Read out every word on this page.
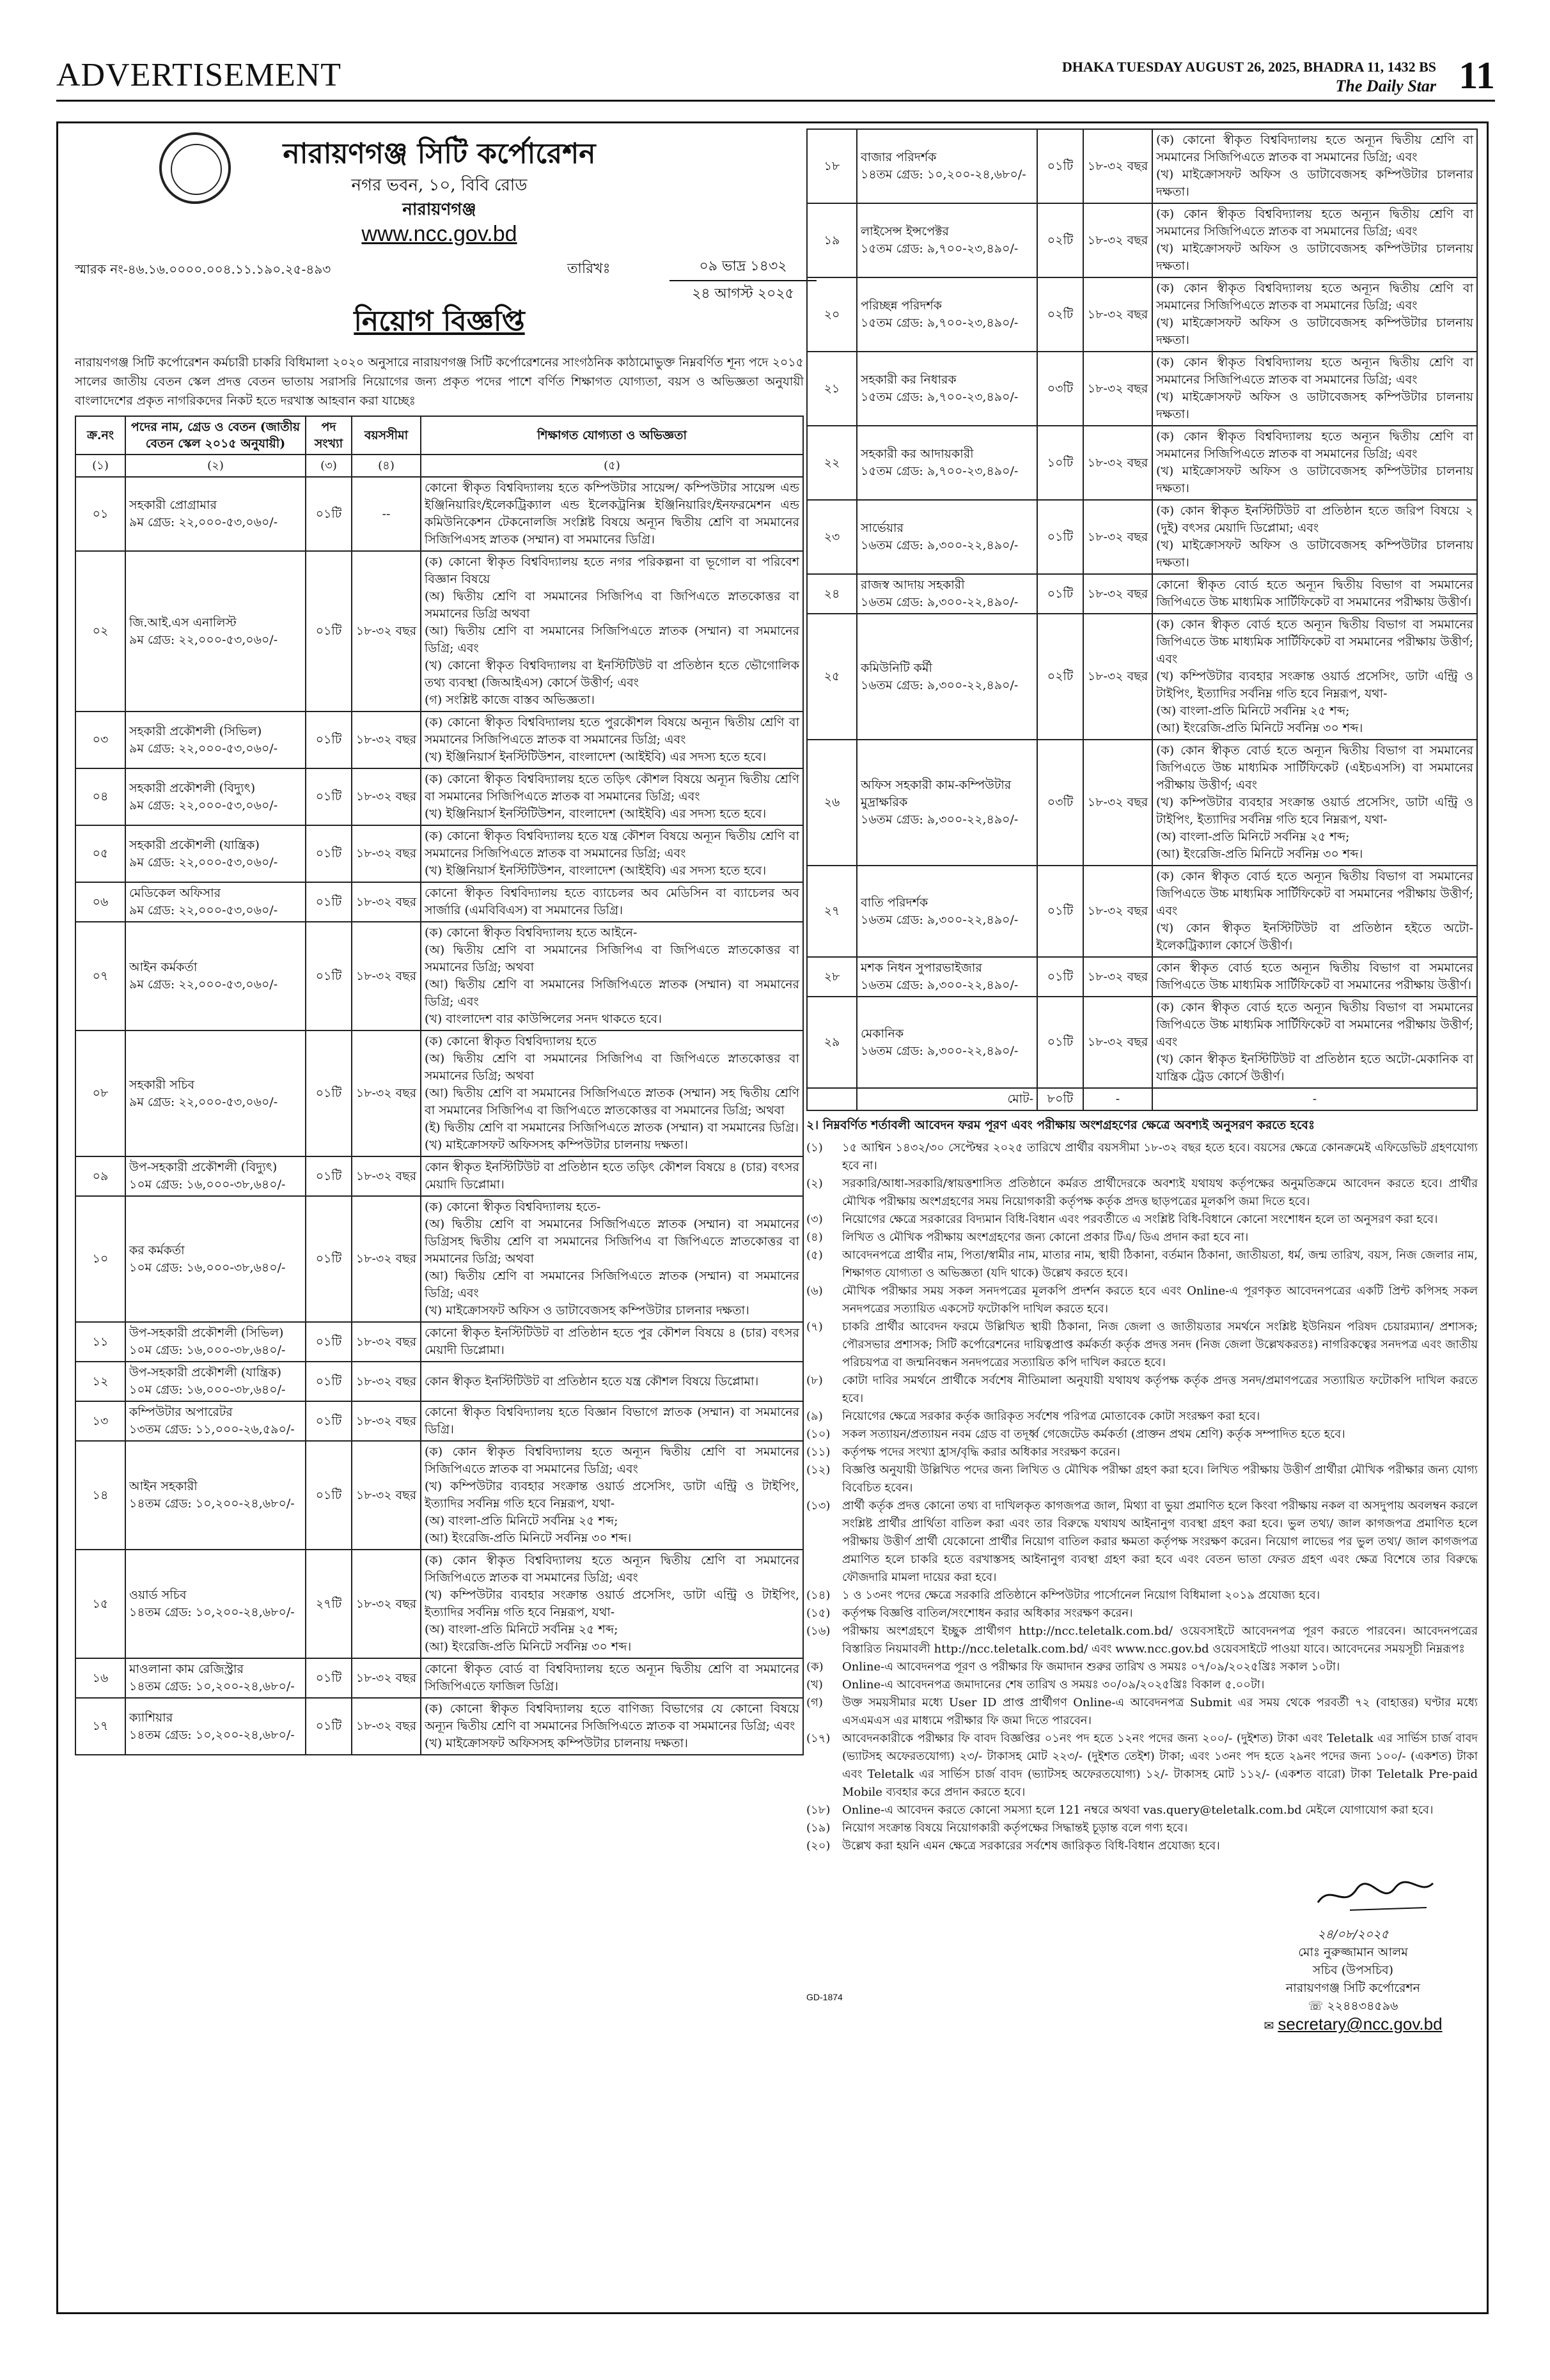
ADVERTISEMENT	DHAKA TUESDAY AUGUST 26, 2025, BHADRA 11, 1432 BS
The Daily Star 11
নারায়ণগঞ্জ সিটি কর্পোরেশন
নগর ভবন, ১০, বিবি রোড
নারায়ণগঞ্জ
www.ncc.gov.bd
স্মারক নং-৪৬.১৬.০০০০.০০৪.১১.১৯০.২৫-৪৯৩	তারিখঃ	০৯ ভাদ্র ১৪৩২
২৪ আগস্ট ২০২৫
নিয়োগ বিজ্ঞপ্তি
নারায়ণগঞ্জ সিটি কর্পোরেশন কর্মচারী চাকরি বিধিমালা ২০২০ অনুসারে নারায়ণগঞ্জ সিটি কর্পোরেশনের সাংগঠনিক কাঠামোভুক্ত নিম্নবর্ণিত শূন্য পদে ২০১৫ সালের জাতীয় বেতন স্কেল প্রদত্ত বেতন ভাতায় সরাসরি নিয়োগের জন্য প্রকৃত পদের পাশে বর্ণিত শিক্ষাগত যোগ্যতা, বয়স ও অভিজ্ঞতা অনুযায়ী বাংলাদেশের প্রকৃত নাগরিকদের নিকট হতে দরখাস্ত আহবান করা যাচ্ছেঃ
ক্র.নং	পদের নাম, গ্রেড ও বেতন (জাতীয় বেতন স্কেল ২০১৫ অনুযায়ী)	পদ সংখ্যা	বয়সসীমা	শিক্ষাগত যোগ্যতা ও অভিজ্ঞতা
(১)	(২)	(৩)	(৪)	(৫)
০১	সহকারী প্রোগ্রামার
৯ম গ্রেড: ২২,০০০-৫৩,০৬০/-	০১টি	--	কোনো স্বীকৃত বিশ্ববিদ্যালয় হতে কম্পিউটার সায়েন্স/ কম্পিউটার সায়েন্স এন্ড ইঞ্জিনিয়ারিং/ইলেকট্রিক্যাল এন্ড ইলেকট্রনিক্স ইঞ্জিনিয়ারিং/ইনফরমেশন এন্ড কমিউনিকেশন টেকনোলজি সংশ্লিষ্ট বিষয়ে অন্যূন দ্বিতীয় শ্রেণি বা সমমানের সিজিপিএসহ স্নাতক (সম্মান) বা সমমানের ডিগ্রি।

০২	জি.আই.এস এনালিস্ট
৯ম গ্রেড: ২২,০০০-৫৩,০৬০/-	০১টি	১৮-৩২ বছর	(ক) কোনো স্বীকৃত বিশ্ববিদ্যালয় হতে নগর পরিকল্পনা বা ভূগোল বা পরিবেশ বিজ্ঞান বিষয়ে
(অ) দ্বিতীয় শ্রেণি বা সমমানের সিজিপিএ বা জিপিএতে স্নাতকোত্তর বা সমমানের ডিগ্রি অথবা
(আ) দ্বিতীয় শ্রেণি বা সমমানের সিজিপিএতে স্নাতক (সম্মান) বা সমমানের ডিগ্রি; এবং
(খ) কোনো স্বীকৃত বিশ্ববিদ্যালয় বা ইনস্টিটিউট বা প্রতিষ্ঠান হতে ভৌগোলিক তথ্য ব্যবস্থা (জিআইএস) কোর্সে উত্তীর্ণ; এবং
(গ) সংশ্লিষ্ট কাজে বাস্তব অভিজ্ঞতা।

০৩	সহকারী প্রকৌশলী (সিভিল)
৯ম গ্রেড: ২২,০০০-৫৩,০৬০/-	০১টি	১৮-৩২ বছর	(ক) কোনো স্বীকৃত বিশ্ববিদ্যালয় হতে পুরকৌশল বিষয়ে অন্যূন দ্বিতীয় শ্রেণি বা সমমানের সিজিপিএতে স্নাতক বা সমমানের ডিগ্রি; এবং
(খ) ইঞ্জিনিয়ার্স ইনস্টিটিউশন, বাংলাদেশ (আইইবি) এর সদস্য হতে হবে।

০৪	সহকারী প্রকৌশলী (বিদ্যুৎ)
৯ম গ্রেড: ২২,০০০-৫৩,০৬০/-	০১টি	১৮-৩২ বছর	(ক) কোনো স্বীকৃত বিশ্ববিদ্যালয় হতে তড়িৎ কৌশল বিষয়ে অন্যূন দ্বিতীয় শ্রেণি বা সমমানের সিজিপিএতে স্নাতক বা সমমানের ডিগ্রি; এবং
(খ) ইঞ্জিনিয়ার্স ইনস্টিটিউশন, বাংলাদেশ (আইইবি) এর সদস্য হতে হবে।

০৫	সহকারী প্রকৌশলী (যান্ত্রিক)
৯ম গ্রেড: ২২,০০০-৫৩,০৬০/-	০১টি	১৮-৩২ বছর	(ক) কোনো স্বীকৃত বিশ্ববিদ্যালয় হতে যন্ত্র কৌশল বিষয়ে অন্যূন দ্বিতীয় শ্রেণি বা সমমানের সিজিপিএতে স্নাতক বা সমমানের ডিগ্রি; এবং
(খ) ইঞ্জিনিয়ার্স ইনস্টিটিউশন, বাংলাদেশ (আইইবি) এর সদস্য হতে হবে।

০৬	মেডিকেল অফিসার
৯ম গ্রেড: ২২,০০০-৫৩,০৬০/-	০১টি	১৮-৩২ বছর	কোনো স্বীকৃত বিশ্ববিদ্যালয় হতে ব্যাচেলর অব মেডিসিন বা ব্যাচেলর অব সার্জারি (এমবিবিএস) বা সমমানের ডিগ্রি।

০৭	আইন কর্মকর্তা
৯ম গ্রেড: ২২,০০০-৫৩,০৬০/-	০১টি	১৮-৩২ বছর	(ক) কোনো স্বীকৃত বিশ্ববিদ্যালয় হতে আইনে-
(অ) দ্বিতীয় শ্রেণি বা সমমানের সিজিপিএ বা জিপিএতে স্নাতকোত্তর বা সমমানের ডিগ্রি; অথবা
(আ) দ্বিতীয় শ্রেণি বা সমমানের সিজিপিএতে স্নাতক (সম্মান) বা সমমানের ডিগ্রি; এবং
(খ) বাংলাদেশ বার কাউন্সিলের সনদ থাকতে হবে।

০৮	সহকারী সচিব
৯ম গ্রেড: ২২,০০০-৫৩,০৬০/-	০১টি	১৮-৩২ বছর	(ক) কোনো স্বীকৃত বিশ্ববিদ্যালয় হতে
(অ) দ্বিতীয় শ্রেণি বা সমমানের সিজিপিএ বা জিপিএতে স্নাতকোত্তর বা সমমানের ডিগ্রি; অথবা
(আ) দ্বিতীয় শ্রেণি বা সমমানের সিজিপিএতে স্নাতক (সম্মান) সহ দ্বিতীয় শ্রেণি বা সমমানের সিজিপিএ বা জিপিএতে স্নাতকোত্তর বা সমমানের ডিগ্রি; অথবা
(ই) দ্বিতীয় শ্রেণি বা সমমানের সিজিপিএতে স্নাতক (সম্মান) বা সমমানের ডিগ্রি।
(খ) মাইক্রোসফট অফিসসহ কম্পিউটার চালনায় দক্ষতা।

০৯	উপ-সহকারী প্রকৌশলী (বিদ্যুৎ)
১০ম গ্রেড: ১৬,০০০-৩৮,৬৪০/-	০১টি	১৮-৩২ বছর	কোন স্বীকৃত ইনস্টিটিউট বা প্রতিষ্ঠান হতে তড়িৎ কৌশল বিষয়ে ৪ (চার) বৎসর মেয়াদি ডিপ্লোমা।

১০	কর কর্মকর্তা
১০ম গ্রেড: ১৬,০০০-৩৮,৬৪০/-	০১টি	১৮-৩২ বছর	(ক) কোনো স্বীকৃত বিশ্ববিদ্যালয় হতে-
(অ) দ্বিতীয় শ্রেণি বা সমমানের সিজিপিএতে স্নাতক (সম্মান) বা সমমানের ডিগ্রিসহ দ্বিতীয় শ্রেণি বা সমমানের সিজিপিএ বা জিপিএতে স্নাতকোত্তর বা সমমানের ডিগ্রি; অথবা
(আ) দ্বিতীয় শ্রেণি বা সমমানের সিজিপিএতে স্নাতক (সম্মান) বা সমমানের ডিগ্রি; এবং
(খ) মাইক্রোসফট অফিস ও ডাটাবেজসহ কম্পিউটার চালনার দক্ষতা।

১১	উপ-সহকারী প্রকৌশলী (সিভিল)
১০ম গ্রেড: ১৬,০০০-৩৮,৬৪০/-	০১টি	১৮-৩২ বছর	কোনো স্বীকৃত ইনস্টিটিউট বা প্রতিষ্ঠান হতে পুর কৌশল বিষয়ে ৪ (চার) বৎসর মেয়াদী ডিপ্লোমা।

১২	উপ-সহকারী প্রকৌশলী (যান্ত্রিক)
১০ম গ্রেড: ১৬,০০০-৩৮,৬৪০/-	০১টি	১৮-৩২ বছর	কোন স্বীকৃত ইনস্টিটিউট বা প্রতিষ্ঠান হতে যন্ত্র কৌশল বিষয়ে ডিপ্লোমা।

১৩	কম্পিউটার অপারেটর
১৩তম গ্রেড: ১১,০০০-২৬,৫৯০/-	০১টি	১৮-৩২ বছর	কোনো স্বীকৃত বিশ্ববিদ্যালয় হতে বিজ্ঞান বিভাগে স্নাতক (সম্মান) বা সমমানের ডিগ্রি।

১৪	আইন সহকারী
১৪তম গ্রেড: ১০,২০০-২৪,৬৮০/-	০১টি	১৮-৩২ বছর	(ক) কোন স্বীকৃত বিশ্ববিদ্যালয় হতে অন্যূন দ্বিতীয় শ্রেণি বা সমমানের সিজিপিএতে স্নাতক বা সমমানের ডিগ্রি; এবং
(খ) কম্পিউটার ব্যবহার সংক্রান্ত ওয়ার্ড প্রসেসিং, ডাটা এন্ট্রি ও টাইপিং, ইত্যাদির সর্বনিম্ন গতি হবে নিম্নরূপ, যথা-
(অ) বাংলা-প্রতি মিনিটে সর্বনিম্ন ২৫ শব্দ;
(আ) ইংরেজি-প্রতি মিনিটে সর্বনিম্ন ৩০ শব্দ।

১৫	ওয়ার্ড সচিব
১৪তম গ্রেড: ১০,২০০-২৪,৬৮০/-	২৭টি	১৮-৩২ বছর	(ক) কোন স্বীকৃত বিশ্ববিদ্যালয় হতে অন্যূন দ্বিতীয় শ্রেণি বা সমমানের সিজিপিএতে স্নাতক বা সমমানের ডিগ্রি; এবং
(খ) কম্পিউটার ব্যবহার সংক্রান্ত ওয়ার্ড প্রসেসিং, ডাটা এন্ট্রি ও টাইপিং, ইত্যাদির সর্বনিম্ন গতি হবে নিম্নরূপ, যথা-
(অ) বাংলা-প্রতি মিনিটে সর্বনিম্ন ২৫ শব্দ;
(আ) ইংরেজি-প্রতি মিনিটে সর্বনিম্ন ৩০ শব্দ।

১৬	মাওলানা কাম রেজিস্ট্রার
১৪তম গ্রেড: ১০,২০০-২৪,৬৮০/-	০১টি	১৮-৩২ বছর	কোনো স্বীকৃত বোর্ড বা বিশ্ববিদ্যালয় হতে অন্যূন দ্বিতীয় শ্রেণি বা সমমানের সিজিপিএতে ফাজিল ডিগ্রি।

১৭	ক্যাশিয়ার
১৪তম গ্রেড: ১০,২০০-২৪,৬৮০/-	০১টি	১৮-৩২ বছর	(ক) কোনো স্বীকৃত বিশ্ববিদ্যালয় হতে বাণিজ্য বিভাগের যে কোনো বিষয়ে অন্যূন দ্বিতীয় শ্রেণি বা সমমানের সিজিপিএতে স্নাতক বা সমমানের ডিগ্রি; এবং
(খ) মাইক্রোসফট অফিসসহ কম্পিউটার চালনায় দক্ষতা।
১৮	বাজার পরিদর্শক
১৪তম গ্রেড: ১০,২০০-২৪,৬৮০/-	০১টি	১৮-৩২ বছর	(ক) কোনো স্বীকৃত বিশ্ববিদ্যালয় হতে অন্যূন দ্বিতীয় শ্রেণি বা সমমানের সিজিপিএতে স্নাতক বা সমমানের ডিগ্রি; এবং
(খ) মাইক্রোসফট অফিস ও ডাটাবেজসহ কম্পিউটার চালনার দক্ষতা।

১৯	লাইসেন্স ইন্সপেক্টর
১৫তম গ্রেড: ৯,৭০০-২৩,৪৯০/-	০২টি	১৮-৩২ বছর	(ক) কোন স্বীকৃত বিশ্ববিদ্যালয় হতে অন্যূন দ্বিতীয় শ্রেণি বা সমমানের সিজিপিএতে স্নাতক বা সমমানের ডিগ্রি; এবং
(খ) মাইক্রোসফট অফিস ও ডাটাবেজসহ কম্পিউটার চালনায় দক্ষতা।

২০	পরিচ্ছন্ন পরিদর্শক
১৫তম গ্রেড: ৯,৭০০-২৩,৪৯০/-	০২টি	১৮-৩২ বছর	(ক) কোন স্বীকৃত বিশ্ববিদ্যালয় হতে অন্যূন দ্বিতীয় শ্রেণি বা সমমানের সিজিপিএতে স্নাতক বা সমমানের ডিগ্রি; এবং
(খ) মাইক্রোসফট অফিস ও ডাটাবেজসহ কম্পিউটার চালনায় দক্ষতা।

২১	সহকারী কর নিধারক
১৫তম গ্রেড: ৯,৭০০-২৩,৪৯০/-	০৩টি	১৮-৩২ বছর	(ক) কোন স্বীকৃত বিশ্ববিদ্যালয় হতে অন্যূন দ্বিতীয় শ্রেণি বা সমমানের সিজিপিএতে স্নাতক বা সমমানের ডিগ্রি; এবং
(খ) মাইক্রোসফট অফিস ও ডাটাবেজসহ কম্পিউটার চালনায় দক্ষতা।

২২	সহকারী কর আদায়কারী
১৫তম গ্রেড: ৯,৭০০-২৩,৪৯০/-	১০টি	১৮-৩২ বছর	(ক) কোন স্বীকৃত বিশ্ববিদ্যালয় হতে অন্যূন দ্বিতীয় শ্রেণি বা সমমানের সিজিপিএতে স্নাতক বা সমমানের ডিগ্রি; এবং
(খ) মাইক্রোসফট অফিস ও ডাটাবেজসহ কম্পিউটার চালনায় দক্ষতা।

২৩	সার্ভেয়ার
১৬তম গ্রেড: ৯,৩০০-২২,৪৯০/-	০১টি	১৮-৩২ বছর	(ক) কোন স্বীকৃত ইনস্টিটিউট বা প্রতিষ্ঠান হতে জরিপ বিষয়ে ২ (দুই) বৎসর মেয়াদি ডিপ্লোমা; এবং
(খ) মাইক্রোসফট অফিস ও ডাটাবেজসহ কম্পিউটার চালনায় দক্ষতা।

২৪	রাজস্ব আদায় সহকারী
১৬তম গ্রেড: ৯,৩০০-২২,৪৯০/-	০১টি	১৮-৩২ বছর	কোনো স্বীকৃত বোর্ড হতে অন্যূন দ্বিতীয় বিভাগ বা সমমানের জিপিএতে উচ্চ মাধ্যমিক সার্টিফিকেট বা সমমানের পরীক্ষায় উত্তীর্ণ।

২৫	কমিউনিটি কর্মী
১৬তম গ্রেড: ৯,৩০০-২২,৪৯০/-	০২টি	১৮-৩২ বছর	(ক) কোন স্বীকৃত বোর্ড হতে অন্যূন দ্বিতীয় বিভাগ বা সমমানের জিপিএতে উচ্চ মাধ্যমিক সার্টিফিকেট বা সমমানের পরীক্ষায় উত্তীর্ণ; এবং
(খ) কম্পিউটার ব্যবহার সংক্রান্ত ওয়ার্ড প্রসেসিং, ডাটা এন্ট্রি ও টাইপিং, ইত্যাদির সর্বনিম্ন গতি হবে নিম্নরূপ, যথা-
(অ) বাংলা-প্রতি মিনিটে সর্বনিম্ন ২৫ শব্দ;
(আ) ইংরেজি-প্রতি মিনিটে সর্বনিম্ন ৩০ শব্দ।

২৬	অফিস সহকারী কাম-কম্পিউটার মুদ্রাক্ষরিক
১৬তম গ্রেড: ৯,৩০০-২২,৪৯০/-	০৩টি	১৮-৩২ বছর	(ক) কোন স্বীকৃত বোর্ড হতে অন্যূন দ্বিতীয় বিভাগ বা সমমানের জিপিএতে উচ্চ মাধ্যমিক সার্টিফিকেট (এইচএসসি) বা সমমানের পরীক্ষায় উত্তীর্ণ; এবং
(খ) কম্পিউটার ব্যবহার সংক্রান্ত ওয়ার্ড প্রসেসিং, ডাটা এন্ট্রি ও টাইপিং, ইত্যাদির সর্বনিম্ন গতি হবে নিম্নরূপ, যথা-
(অ) বাংলা-প্রতি মিনিটে সর্বনিম্ন ২৫ শব্দ;
(আ) ইংরেজি-প্রতি মিনিটে সর্বনিম্ন ৩০ শব্দ।

২৭	বাতি পরিদর্শক
১৬তম গ্রেড: ৯,৩০০-২২,৪৯০/-	০১টি	১৮-৩২ বছর	(ক) কোন স্বীকৃত বোর্ড হতে অন্যূন দ্বিতীয় বিভাগ বা সমমানের জিপিএতে উচ্চ মাধ্যমিক সার্টিফিকেট বা সমমানের পরীক্ষায় উত্তীর্ণ; এবং
(খ) কোন স্বীকৃত ইনস্টিটিউট বা প্রতিষ্ঠান হইতে অটো-ইলেকট্রিক্যাল কোর্সে উত্তীর্ণ।

২৮	মশক নিধন সুপারভাইজার
১৬তম গ্রেড: ৯,৩০০-২২,৪৯০/-	০১টি	১৮-৩২ বছর	কোন স্বীকৃত বোর্ড হতে অন্যূন দ্বিতীয় বিভাগ বা সমমানের জিপিএতে উচ্চ মাধ্যমিক সার্টিফিকেট বা সমমানের পরীক্ষায় উত্তীর্ণ।

২৯	মেকানিক
১৬তম গ্রেড: ৯,৩০০-২২,৪৯০/-	০১টি	১৮-৩২ বছর	(ক) কোন স্বীকৃত বোর্ড হতে অন্যূন দ্বিতীয় বিভাগ বা সমমানের জিপিএতে উচ্চ মাধ্যমিক সার্টিফিকেট বা সমমানের পরীক্ষায় উত্তীর্ণ; এবং
(খ) কোন স্বীকৃত ইনস্টিটিউট বা প্রতিষ্ঠান হতে অটো-মেকানিক বা যান্ত্রিক ট্রেড কোর্সে উত্তীর্ণ।

	মোট-	৮০টি	-	-
২। নিম্নবর্ণিত শর্তাবলী আবেদন ফরম পূরণ এবং পরীক্ষায় অংশগ্রহণের ক্ষেত্রে অবশ্যই অনুসরণ করতে হবেঃ
(১)	১৫ আশ্বিন ১৪৩২/৩০ সেপ্টেম্বর ২০২৫ তারিখে প্রার্থীর বয়সসীমা ১৮-৩২ বছর হতে হবে। বয়সের ক্ষেত্রে কোনক্রমেই এফিডেভিট গ্রহণযোগ্য হবে না।
(২)	সরকারি/আধা-সরকারি/স্বায়ত্তশাসিত প্রতিষ্ঠানে কর্মরত প্রার্থীদেরকে অবশ্যই যথাযথ কর্তৃপক্ষের অনুমতিক্রমে আবেদন করতে হবে। প্রার্থীর মৌখিক পরীক্ষায় অংশগ্রহণের সময় নিয়োগকারী কর্তৃপক্ষ কর্তৃক প্রদত্ত ছাড়পত্রের মূলকপি জমা দিতে হবে।
(৩)	নিয়োগের ক্ষেত্রে সরকারের বিদ্যমান বিধি-বিধান এবং পরবর্তীতে এ সংশ্লিষ্ট বিধি-বিধানে কোনো সংশোধন হলে তা অনুসরণ করা হবে।
(৪)	লিখিত ও মৌখিক পরীক্ষায় অংশগ্রহণের জন্য কোনো প্রকার টিএ/ ডিএ প্রদান করা হবে না।
(৫)	আবেদনপত্রে প্রার্থীর নাম, পিতা/স্বামীর নাম, মাতার নাম, স্থায়ী ঠিকানা, বর্তমান ঠিকানা, জাতীয়তা, ধর্ম, জন্ম তারিখ, বয়স, নিজ জেলার নাম, শিক্ষাগত যোগ্যতা ও অভিজ্ঞতা (যদি থাকে) উল্লেখ করতে হবে।
(৬)	মৌখিক পরীক্ষার সময় সকল সনদপত্রের মূলকপি প্রদর্শন করতে হবে এবং Online-এ পূরণকৃত আবেদনপত্রের একটি প্রিন্ট কপিসহ সকল সনদপত্রের সত্যায়িত একসেট ফটোকপি দাখিল করতে হবে।
(৭)	চাকরি প্রার্থীর আবেদন ফরমে উল্লিখিত স্থায়ী ঠিকানা, নিজ জেলা ও জাতীয়তার সমর্থনে সংশ্লিষ্ট ইউনিয়ন পরিষদ চেয়ারম্যান/ প্রশাসক; পৌরসভার প্রশাসক; সিটি কর্পোরেশনের দায়িত্বপ্রাপ্ত কর্মকর্তা কর্তৃক প্রদত্ত সনদ (নিজ জেলা উল্লেখকরতঃ) নাগরিকত্বের সনদপত্র এবং জাতীয় পরিচয়পত্র বা জন্মনিবন্ধন সনদপত্রের সত্যায়িত কপি দাখিল করতে হবে।
(৮)	কোটা দাবির সমর্থনে প্রার্থীকে সর্বশেষ নীতিমালা অনুযায়ী যথাযথ কর্তৃপক্ষ কর্তৃক প্রদত্ত সনদ/প্রমাণপত্রের সত্যায়িত ফটোকপি দাখিল করতে হবে।
(৯)	নিয়োগের ক্ষেত্রে সরকার কর্তৃক জারিকৃত সর্বশেষ পরিপত্র মোতাবেক কোটা সংরক্ষণ করা হবে।
(১০)	সকল সত্যায়ন/প্রত্যায়ন নবম গ্রেড বা তদূর্ধ্ব গেজেটেড কর্মকর্তা (প্রাক্তন প্রথম শ্রেণি) কর্তৃক সম্পাদিত হতে হবে।
(১১)	কর্তৃপক্ষ পদের সংখ্যা হ্রাস/বৃদ্ধি করার অধিকার সংরক্ষণ করেন।
(১২)	বিজ্ঞপ্তি অনুযায়ী উল্লিখিত পদের জন্য লিখিত ও মৌখিক পরীক্ষা গ্রহণ করা হবে। লিখিত পরীক্ষায় উত্তীর্ণ প্রার্থীরা মৌখিক পরীক্ষার জন্য যোগ্য বিবেচিত হবেন।
(১৩)	প্রার্থী কর্তৃক প্রদত্ত কোনো তথ্য বা দাখিলকৃত কাগজপত্র জাল, মিথ্যা বা ভুয়া প্রমাণিত হলে কিংবা পরীক্ষায় নকল বা অসদুপায় অবলম্বন করলে সংশ্লিষ্ট প্রার্থীর প্রার্থিতা বাতিল করা এবং তার বিরুদ্ধে যথাযথ আইনানুগ ব্যবস্থা গ্রহণ করা হবে। ভুল তথ্য/ জাল কাগজপত্র প্রমাণিত হলে পরীক্ষায় উত্তীর্ণ প্রার্থী যেকোনো প্রার্থীর নিয়োগ বাতিল করার ক্ষমতা কর্তৃপক্ষ সংরক্ষণ করেন। নিয়োগ লাভের পর ভুল তথ্য/ জাল কাগজপত্র প্রমাণিত হলে চাকরি হতে বরখাস্তসহ আইনানুগ ব্যবস্থা গ্রহণ করা হবে এবং বেতন ভাতা ফেরত গ্রহণ এবং ক্ষেত্র বিশেষে তার বিরুদ্ধে ফৌজদারি মামলা দায়ের করা হবে।
(১৪)	১ ও ১৩নং পদের ক্ষেত্রে সরকারি প্রতিষ্ঠানে কম্পিউটার পার্সোনেল নিয়োগ বিধিমালা ২০১৯ প্রযোজ্য হবে।
(১৫)	কর্তৃপক্ষ বিজ্ঞপ্তি বাতিল/সংশোধন করার অধিকার সংরক্ষণ করেন।
(১৬)	পরীক্ষায় অংশগ্রহণে ইচ্ছুক প্রার্থীগণ http://ncc.teletalk.com.bd/ ওয়েবসাইটে আবেদনপত্র পূরণ করতে পারবেন। আবেদনপত্রের বিস্তারিত নিয়মাবলী http://ncc.teletalk.com.bd/ এবং www.ncc.gov.bd ওয়েবসাইটে পাওয়া যাবে। আবেদনের সময়সূচী নিম্নরূপঃ
(ক)	Online-এ আবেদনপত্র পূরণ ও পরীক্ষার ফি জমাদান শুরুর তারিখ ও সময়ঃ ০৭/০৯/২০২৫খ্রিঃ সকাল ১০টা।
(খ)	Online-এ আবেদনপত্র জমাদানের শেষ তারিখ ও সময়ঃ ৩০/০৯/২০২৫খ্রিঃ বিকাল ৫.০০টা।
(গ)	উক্ত সময়সীমার মধ্যে User ID প্রাপ্ত প্রার্থীগণ Online-এ আবেদনপত্র Submit এর সময় থেকে পরবর্তী ৭২ (বাহাত্তর) ঘণ্টার মধ্যে এসএমএস এর মাধ্যমে পরীক্ষার ফি জমা দিতে পারবেন।
(১৭)	আবেদনকারীকে পরীক্ষার ফি বাবদ বিজ্ঞপ্তির ০১নং পদ হতে ১২নং পদের জন্য ২০০/- (দুইশত) টাকা এবং Teletalk এর সার্ভিস চার্জ বাবদ (ভ্যাটসহ অফেরতযোগ্য) ২৩/- টাকাসহ মোট ২২৩/- (দুইশত তেইশ) টাকা; এবং ১৩নং পদ হতে ২৯নং পদের জন্য ১০০/- (একশত) টাকা এবং Teletalk এর সার্ভিস চার্জ বাবদ (ভ্যাটসহ অফেরতযোগ্য) ১২/- টাকাসহ মোট ১১২/- (একশত বারো) টাকা Teletalk Pre-paid Mobile ব্যবহার করে প্রদান করতে হবে।
(১৮)	Online-এ আবেদন করতে কোনো সমস্যা হলে 121 নম্বরে অথবা vas.query@teletalk.com.bd মেইলে যোগাযোগ করা হবে।
(১৯)	নিয়োগ সংক্রান্ত বিষয়ে নিয়োগকারী কর্তৃপক্ষের সিদ্ধান্তই চূড়ান্ত বলে গণ্য হবে।
(২০)	উল্লেখ করা হয়নি এমন ক্ষেত্রে সরকারের সর্বশেষ জারিকৃত বিধি-বিধান প্রযোজ্য হবে।
২৪/০৮/২০২৫
মোঃ নুরুজ্জামান আলম
সচিব (উপসচিব)
নারায়ণগঞ্জ সিটি কর্পোরেশন
☏ ২২৪৪৩৪৫৯৬
✉ secretary@ncc.gov.bd
GD-1874
